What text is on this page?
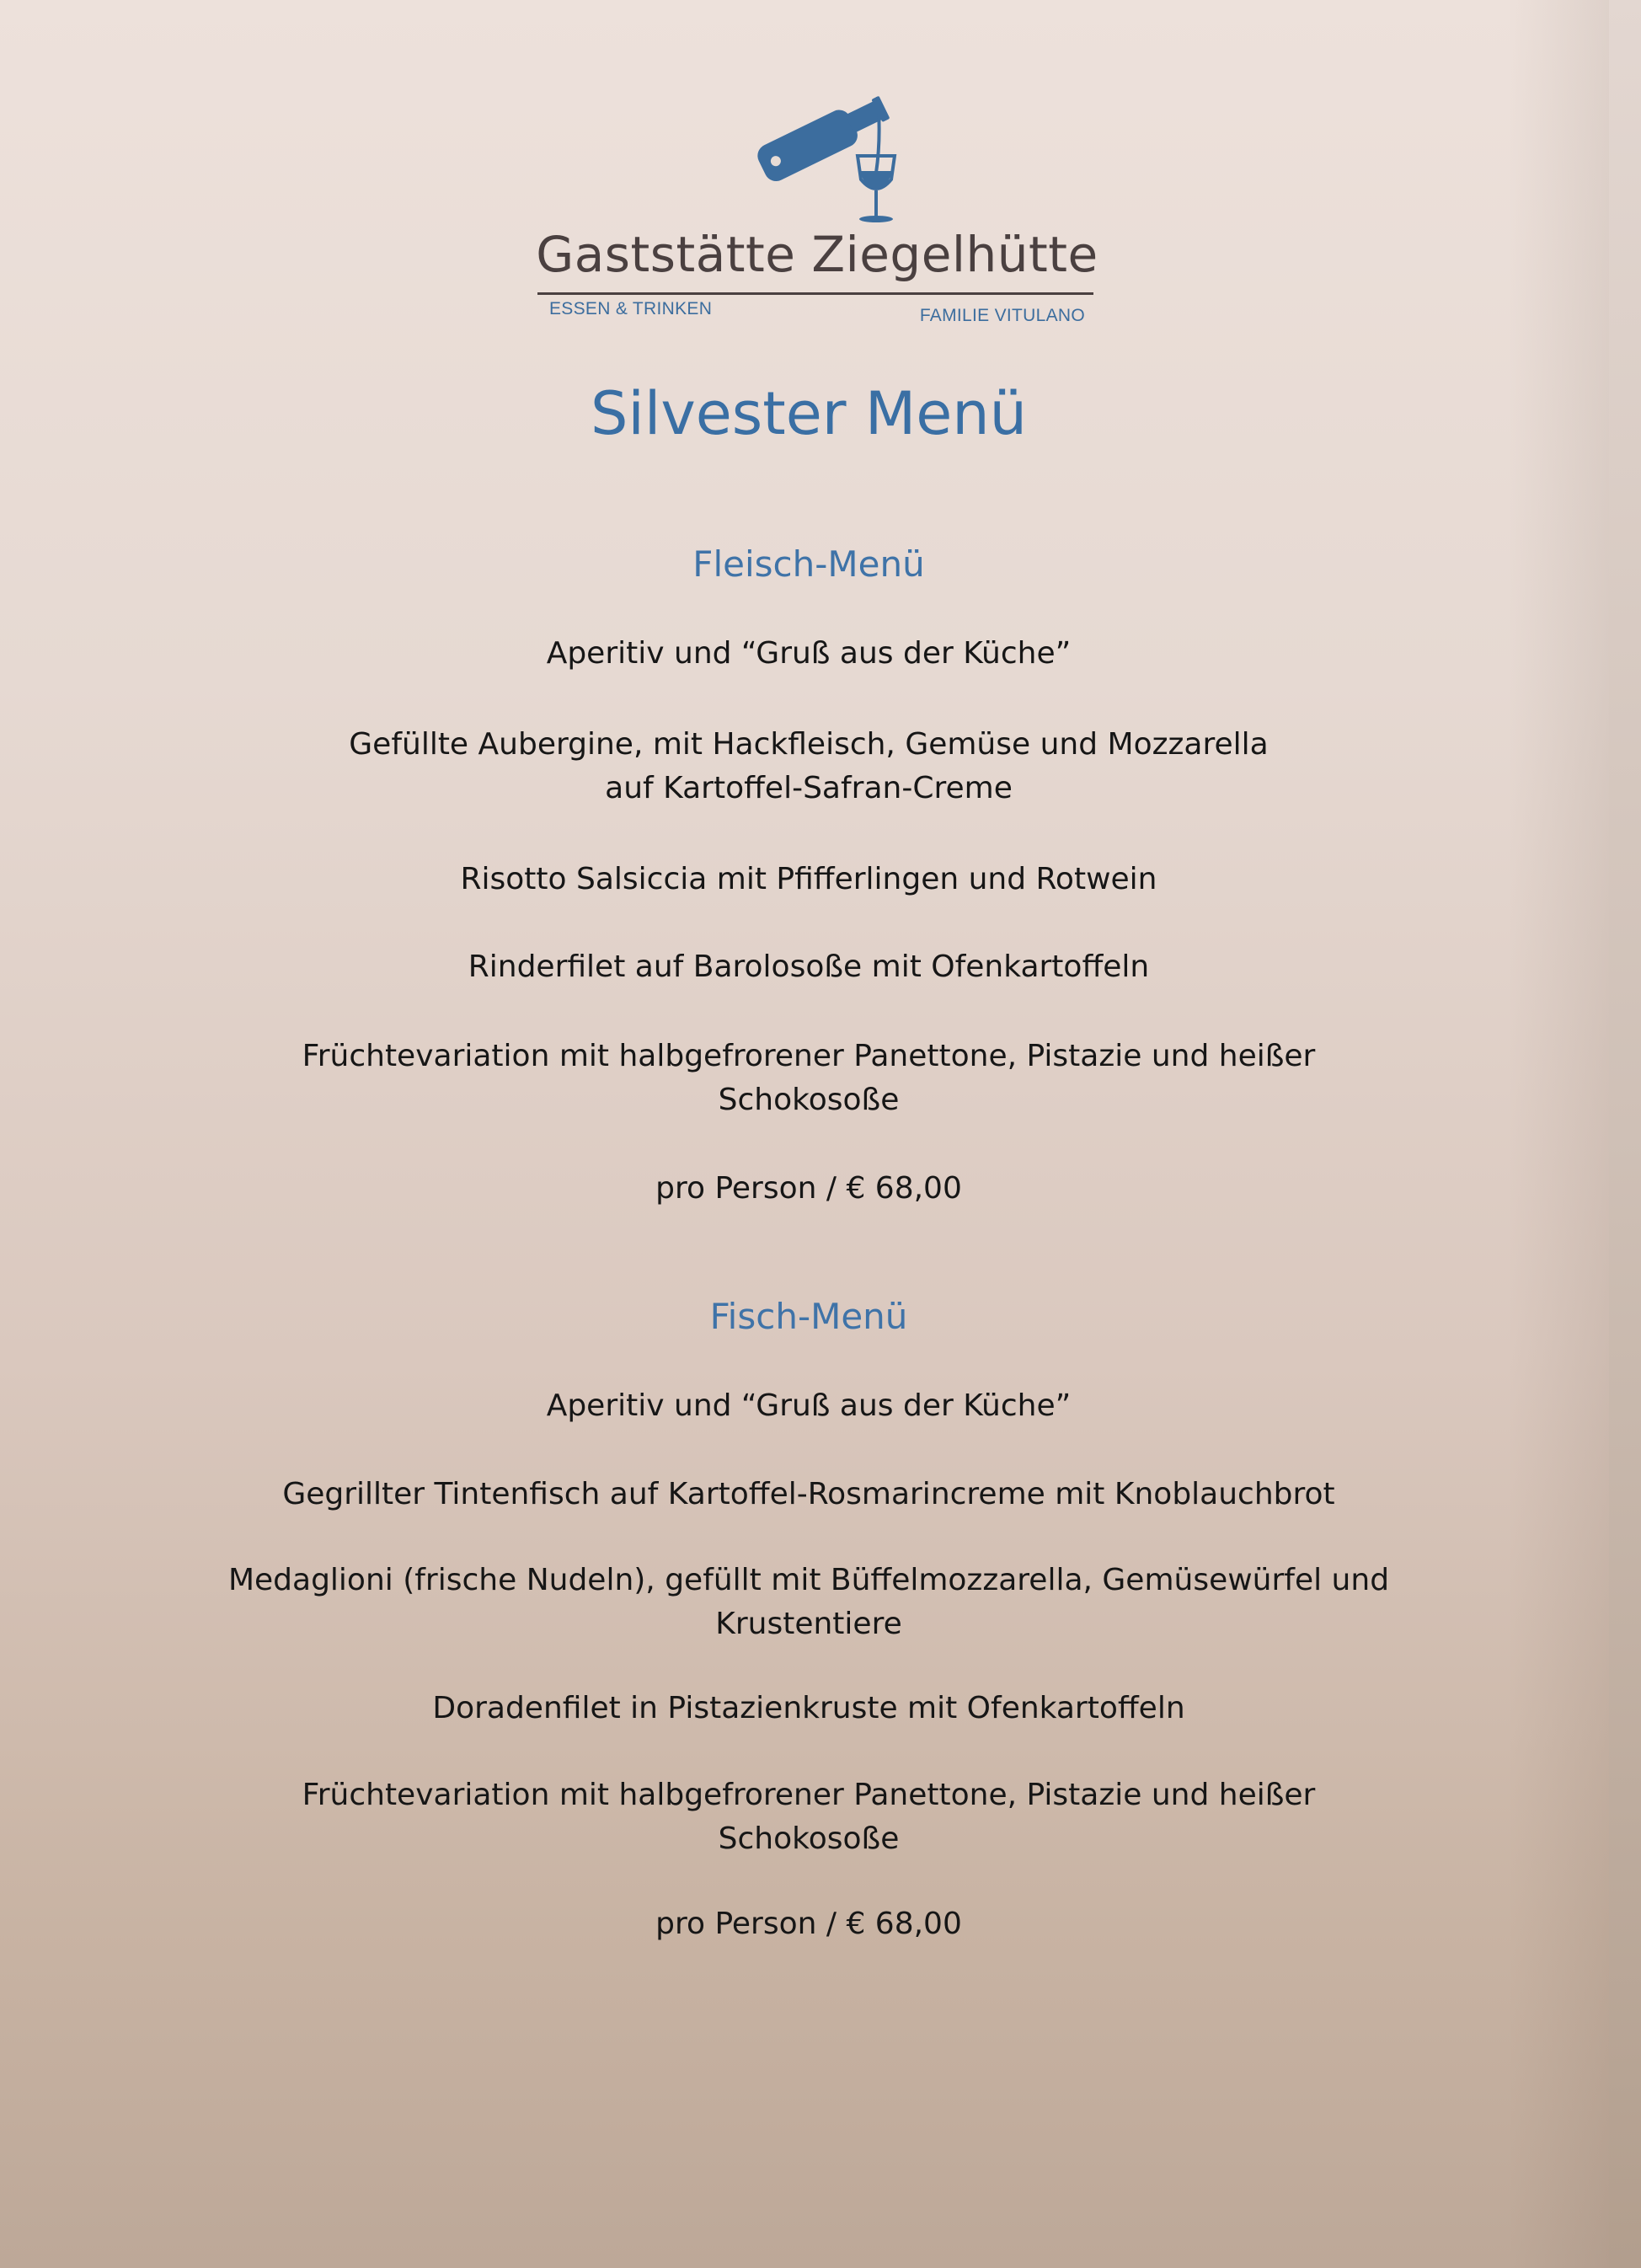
Gaststätte Ziegelhütte
ESSEN & TRINKEN	FAMILIE VITULANO
Silvester Menü
Fleisch-Menü
Aperitiv und “Gruß aus der Küche”
Gefüllte Aubergine, mit Hackfleisch, Gemüse und Mozzarella
auf Kartoffel-Safran-Creme
Risotto Salsiccia mit Pfifferlingen und Rotwein
Rinderfilet auf Barolosoße mit Ofenkartoffeln
Früchtevariation mit halbgefrorener Panettone, Pistazie und heißer
Schokosoße
pro Person / € 68,00
Fisch-Menü
Aperitiv und “Gruß aus der Küche”
Gegrillter Tintenfisch auf Kartoffel-Rosmarincreme mit Knoblauchbrot
Medaglioni (frische Nudeln), gefüllt mit Büffelmozzarella, Gemüsewürfel und
Krustentiere
Doradenfilet in Pistazienkruste mit Ofenkartoffeln
Früchtevariation mit halbgefrorener Panettone, Pistazie und heißer
Schokosoße
pro Person / € 68,00
